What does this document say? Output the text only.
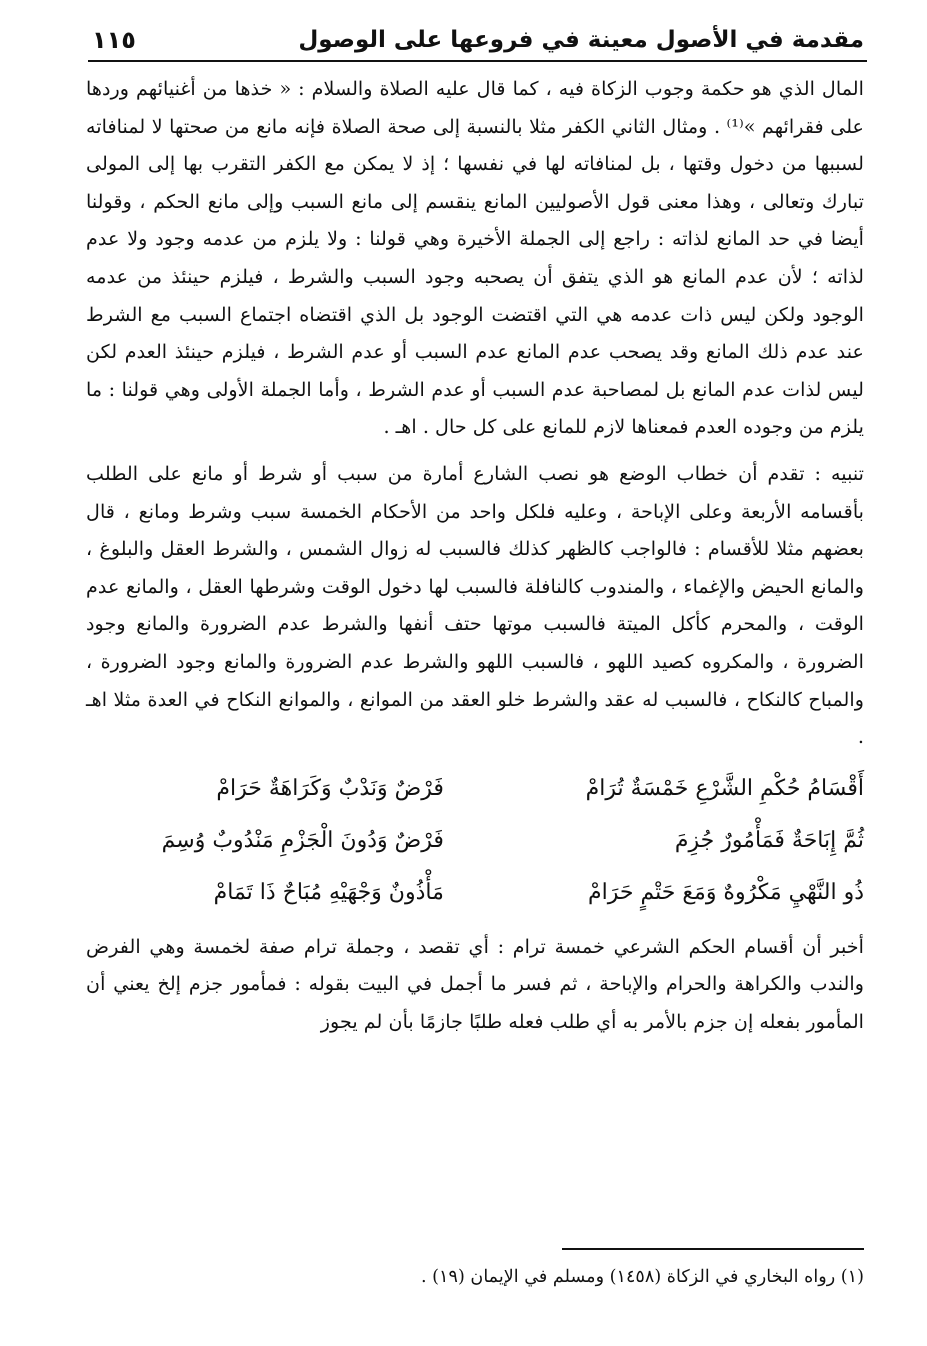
مقدمة في الأصول معينة في فروعها على الوصول
١١٥

المال الذي هو حكمة وجوب الزكاة فيه ، كما قال عليه الصلاة والسلام : « خذها من أغنيائهم وردها على فقرائهم »⁽¹⁾ . ومثال الثاني الكفر مثلا بالنسبة إلى صحة الصلاة فإنه مانع من صحتها لا لمنافاته لسببها من دخول وقتها ، بل لمنافاته لها في نفسها ؛ إذ لا يمكن مع الكفر التقرب بها إلى المولى تبارك وتعالى ، وهذا معنى قول الأصوليين المانع ينقسم إلى مانع السبب وإلى مانع الحكم ، وقولنا أيضا في حد المانع لذاته : راجع إلى الجملة الأخيرة وهي قولنا : ولا يلزم من عدمه وجود ولا عدم لذاته ؛ لأن عدم المانع هو الذي يتفق أن يصحبه وجود السبب والشرط ، فيلزم حينئذ من عدمه الوجود ولكن ليس ذات عدمه هي التي اقتضت الوجود بل الذي اقتضاه اجتماع السبب مع الشرط عند عدم ذلك المانع وقد يصحب عدم المانع عدم السبب أو عدم الشرط ، فيلزم حينئذ العدم لكن ليس لذات عدم المانع بل لمصاحبة عدم السبب أو عدم الشرط ، وأما الجملة الأولى وهي قولنا : ما يلزم من وجوده العدم فمعناها لازم للمانع على كل حال . اهـ .

تنبيه : تقدم أن خطاب الوضع هو نصب الشارع أمارة من سبب أو شرط أو مانع على الطلب بأقسامه الأربعة وعلى الإباحة ، وعليه فلكل واحد من الأحكام الخمسة سبب وشرط ومانع ، قال بعضهم مثلا للأقسام : فالواجب كالظهر كذلك فالسبب له زوال الشمس ، والشرط العقل والبلوغ ، والمانع الحيض والإغماء ، والمندوب كالنافلة فالسبب لها دخول الوقت وشرطها العقل ، والمانع عدم الوقت ، والمحرم كأكل الميتة فالسبب موتها حتف أنفها والشرط عدم الضرورة والمانع وجود الضرورة ، والمكروه كصيد اللهو ، فالسبب اللهو والشرط عدم الضرورة والمانع وجود الضرورة ، والمباح كالنكاح ، فالسبب له عقد والشرط خلو العقد من الموانع ، والموانع النكاح في العدة مثلا اهـ .

أَقْسَامُ حُكْمِ الشَّرْعِ خَمْسَةٌ تُرَامْ
فَرْضٌ وَنَدْبٌ وَكَرَاهَةٌ حَرَامْ
ثُمَّ إِبَاحَةٌ فَمَأْمُورٌ جُزِمَ
فَرْضٌ وَدُونَ الْجَزْمِ مَنْدُوبٌ وُسِمَ
ذُو النَّهْيِ مَكْرُوهٌ وَمَعَ حَتْمٍ حَرَامْ
مَأْذُونٌ وَجْهَيْهِ مُبَاحٌ ذَا تَمَامْ

أخبر أن أقسام الحكم الشرعي خمسة ترام : أي تقصد ، وجملة ترام صفة لخمسة وهي الفرض والندب والكراهة والحرام والإباحة ، ثم فسر ما أجمل في البيت بقوله : فمأمور جزم إلخ يعني أن المأمور بفعله إن جزم بالأمر به أي طلب فعله طلبًا جازمًا بأن لم يجوز

(١) رواه البخاري في الزكاة (١٤٥٨) ومسلم في الإيمان (١٩) .
